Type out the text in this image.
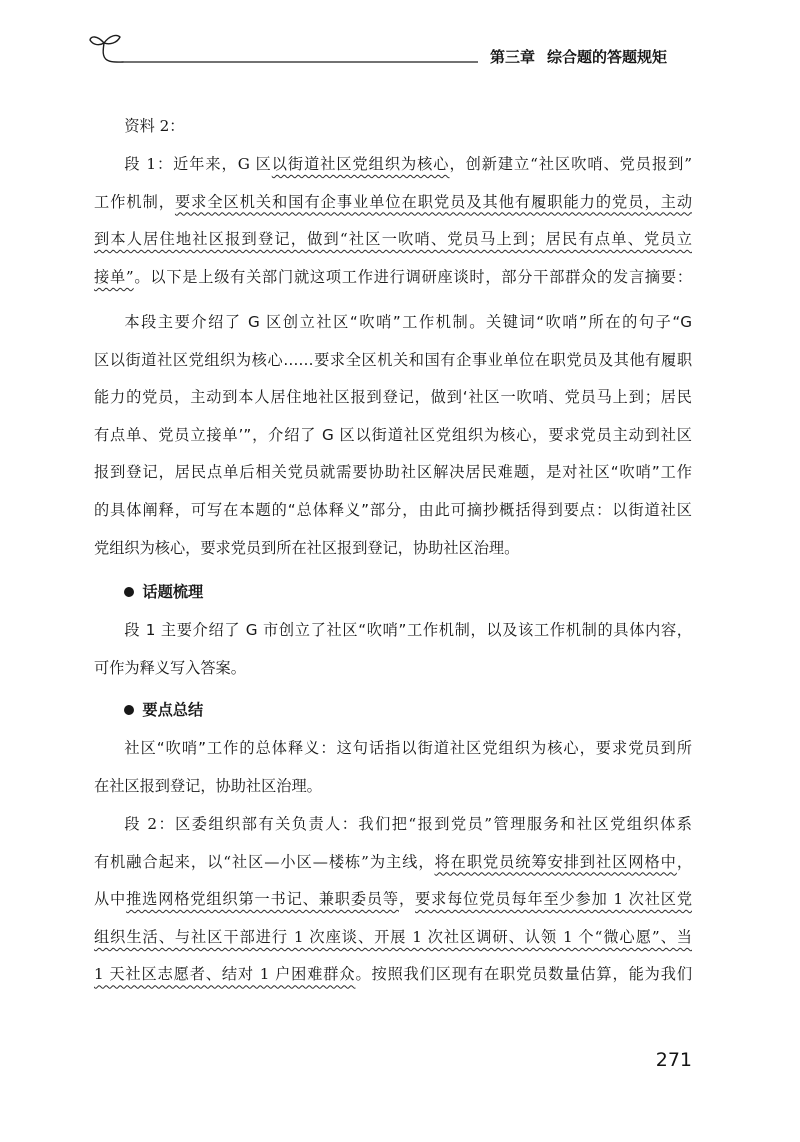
第三章 综合题的答题规矩
资料 2：
段 1：近年来，G 区以街道社区党组织为核心，创新建立“社区吹哨、党员报到”
工作机制，要求全区机关和国有企事业单位在职党员及其他有履职能力的党员，主动
到本人居住地社区报到登记，做到“社区一吹哨、党员马上到；居民有点单、党员立
接单”。以下是上级有关部门就这项工作进行调研座谈时，部分干部群众的发言摘要：
本段主要介绍了 G 区创立社区“吹哨”工作机制。关键词“吹哨”所在的句子“G
区以街道社区党组织为核心……要求全区机关和国有企事业单位在职党员及其他有履职
能力的党员，主动到本人居住地社区报到登记，做到‘社区一吹哨、党员马上到；居民
有点单、党员立接单’”，介绍了 G 区以街道社区党组织为核心，要求党员主动到社区
报到登记，居民点单后相关党员就需要协助社区解决居民难题，是对社区“吹哨”工作
的具体阐释，可写在本题的“总体释义”部分，由此可摘抄概括得到要点：以街道社区
党组织为核心，要求党员到所在社区报到登记，协助社区治理。
话题梳理
段 1 主要介绍了 G 市创立了社区“吹哨”工作机制，以及该工作机制的具体内容，
可作为释义写入答案。
要点总结
社区“吹哨”工作的总体释义：这句话指以街道社区党组织为核心，要求党员到所
在社区报到登记，协助社区治理。
段 2：区委组织部有关负责人：我们把“报到党员”管理服务和社区党组织体系
有机融合起来，以“社区—小区—楼栋”为主线，将在职党员统筹安排到社区网格中，
从中推选网格党组织第一书记、兼职委员等，要求每位党员每年至少参加 1 次社区党
组织生活、与社区干部进行 1 次座谈、开展 1 次社区调研、认领 1 个“微心愿”、当
1 天社区志愿者、结对 1 户困难群众。按照我们区现有在职党员数量估算，能为我们
271
